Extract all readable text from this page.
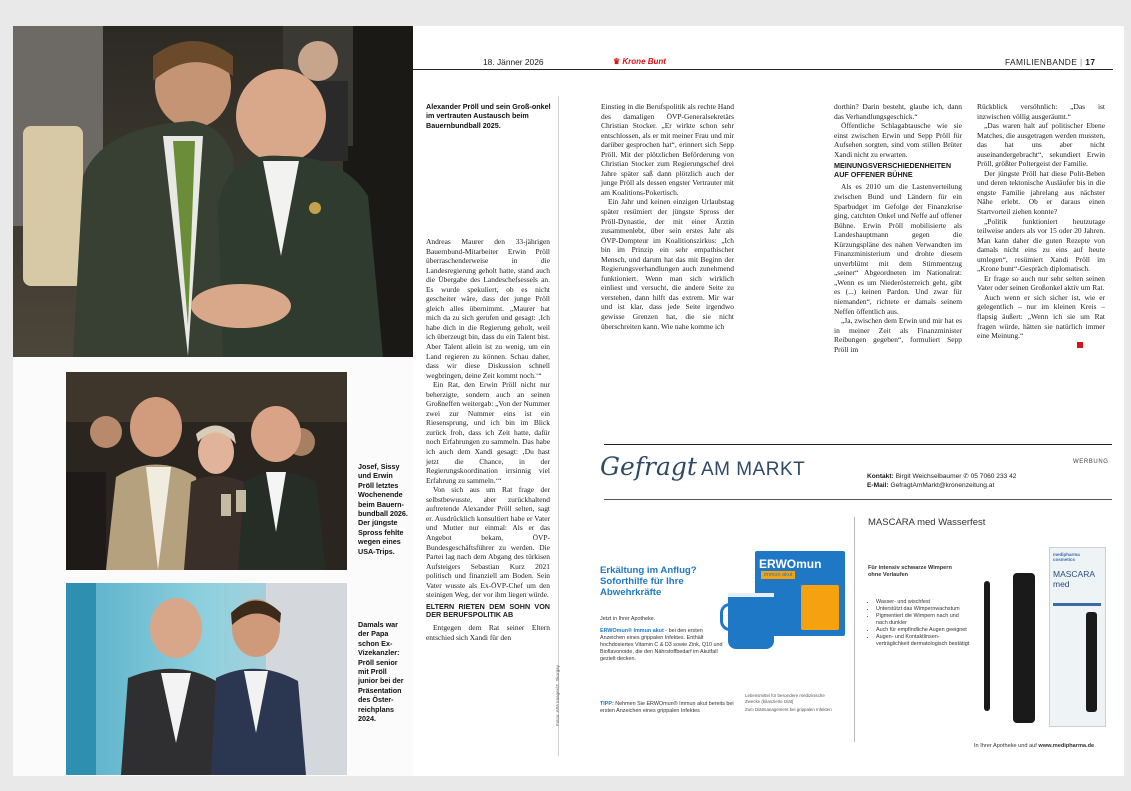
18. Jänner 2026	♛ Krone Bunt	FAMILIENBANDE | 17
Alexander Pröll und sein Groß-onkel im vertrauten Austausch beim Bauernbundball 2025.

Andreas Maurer den 33-jährigen Bauernbund-Mitarbeiter Erwin Pröll überraschenderweise in die Landesregierung geholt hatte, stand auch die Übergabe des Landeschefsessels an. Es wurde spekuliert, ob es nicht gescheiter wäre, dass der junge Pröll gleich alles übernimmt. „Maurer hat mich da zu sich gerufen und gesagt: ‚Ich habe dich in die Regierung geholt, weil ich überzeugt bin, dass du ein Talent bist. Aber Talent allein ist zu wenig, um ein Land regieren zu können. Schau daher, dass wir diese Diskussion schnell wegbringen, deine Zeit kommt noch.‘“

Ein Rat, den Erwin Pröll nicht nur beherzigte, sondern auch an seinen Großneffen weitergab: „Von der Nummer zwei zur Nummer eins ist ein Riesensprung, und ich bin im Blick zurück froh, dass ich Zeit hatte, dafür noch Erfahrungen zu sammeln. Das habe ich auch dem Xandi gesagt: ‚Du hast jetzt die Chance, in der Regierungskoordination irrsinnig viel Erfahrung zu sammeln.‘“

Von sich aus um Rat frage der selbstbewusste, aber zurückhaltend auftretende Alexander Pröll selten, sagt er. Ausdrücklich konsultiert habe er Vater und Mutter nur einmal: Als er das Angebot bekam, ÖVP-Bundesgeschäftsführer zu werden. Die Partei lag nach dem Abgang des türkisen Aufsteigers Sebastian Kurz 2021 politisch und finanziell am Boden. Sein Vater wusste als Ex-ÖVP-Chef um den steinigen Weg, der vor ihm liegen würde.

ELTERN RIETEN DEM SOHN VON DER BERUFSPOLITIK AB

Entgegen dem Rat seiner Eltern entschied sich Xandi für den

Einstieg in die Berufspolitik als rechte Hand des damaligen ÖVP-Generalsekretärs Christian Stocker. „Er wirkte schon sehr entschlossen, als er mit meiner Frau und mir darüber gesprochen hat“, erinnert sich Sepp Pröll. Mit der plötzlichen Beförderung von Christian Stocker zum Regierungschef drei Jahre später saß dann plötzlich auch der junge Pröll als dessen engster Vertrauter mit am Koalitions-Pokertisch.

Ein Jahr und keinen einzigen Urlaubstag später resümiert der jüngste Spross der Pröll-Dynastie, der mit einer Ärztin zusammenlebt, über sein erstes Jahr als ÖVP-Dompteur im Koalitionszirkus: „Ich bin im Prinzip ein sehr empathischer Mensch, und darum hat das mit Beginn der Regierungsverhandlungen auch zunehmend funktioniert. Wenn man sich wirklich einliest und versucht, die andere Seite zu verstehen, dann hilft das extrem. Mir war und ist klar, dass jede Seite irgendwo gewisse Grenzen hat, die sie nicht überschreiten kann. Wie nahe komme ich

dorthin? Darin besteht, glaube ich, dann das Verhandlungsgeschick.“

Öffentliche Schlagabtausche wie sie einst zwischen Erwin und Sepp Pröll für Aufsehen sorgten, sind vom stillen Brüter Xandi nicht zu erwarten.

MEINUNGSVERSCHIEDENHEITEN AUF OFFENER BÜHNE

Als es 2010 um die Lastenverteilung zwischen Bund und Ländern für ein Sparbudget im Gefolge der Finanzkrise ging, catchten Onkel und Neffe auf offener Bühne. Erwin Pröll mobilisierte als Landeshauptmann gegen die Kürzungspläne des nahen Verwandten im Finanzministerium und drohte diesem unverblümt mit dem Stimmentzug „seiner“ Abgeordneten im Nationalrat: „Wenn es um Niederösterreich geht, gibt es (...) keinen Pardon. Und zwar für niemanden“, richtete er damals seinem Neffen öffentlich aus.

„Ja, zwischen dem Erwin und mir hat es in meiner Zeit als Finanzminister Reibungen gegeben“, formuliert Sepp Pröll im

Rückblick versöhnlich: „Das ist inzwischen völlig ausgeräumt.“

„Das waren halt auf politischer Ebene Matches, die ausgetragen werden mussten, das hat uns aber nicht auseinandergebracht“, sekundiert Erwin Pröll, größter Poltergeist der Familie.

Der jüngste Pröll hat diese Polit-Beben und deren tektonische Ausläufer bis in die engste Familie jahrelang aus nächster Nähe erlebt. Ob er daraus einen Startvorteil ziehen konnte?

„Politik funktioniert heutzutage teilweise anders als vor 15 oder 20 Jahren. Man kann daher die guten Rezepte von damals nicht eins zu eins auf heute umlegen“, resümiert Xandi Pröll im „Krone bunt“-Gespräch diplomatisch.

Er frage so auch nur sehr selten seinen Vater oder seinen Großonkel aktiv um Rat.

Auch wenn er sich sicher ist, wie er gelegentlich – nur im kleinen Kreis – flapsig äußert: „Wenn ich sie um Rat fragen würde, hätten sie natürlich immer eine Meinung.“

Josef, Sissy und Erwin Pröll letztes Wochenende beim Bauern-bundball 2026. Der jüngste Spross fehlte wegen eines USA-Trips.
Damals war der Papa schon Ex-Vizekanzler: Pröll senior mit Pröll junior bei der Präsentation des Öster-reichplans 2024.	Fotos: APA Images/Z. Skorgey
WERBUNG
Gefragt AM MARKT	Kontakt: Birgit Weichselbaumer ✆ 05 7060 233 42
E-Mail: GefragtAmMarkt@kronenzeitung.at
Erkältung im Anflug? Soforthilfe für Ihre Abwehrkräfte
Jetzt in Ihrer Apotheke.
ERWOmun® Immun akut - bei den ersten Anzeichen eines grippalen Infektes. Enthält hochdosiertes Vitamin C & D3 sowie Zink, Q10 und Bioflavonoide, die den Nährstoffbedarf im Akutfall gezielt decken.
TIPP: Nehmen Sie ERWOmun® Immun akut bereits bei ersten Anzeichen eines grippalen Infektes
ERWOmun
immun akut
Lebensmittel für besondere medizinische Zwecke (bilanzierte Diät)
Zum Diätmanagement bei grippalen Infekten
MASCARA med Wasserfest
Für intensiv schwarze Wimpern ohne Verlaufen
• Wasser- und wischfest
• Unterstützt das Wimpernwachstum
• Pigmentiert die Wimpern nach und nach dunkler
• Auch für empfindliche Augen geeignet
• Augen- und Kontaktlinsen-verträglichkeit dermatologisch bestätigt
medipharma cosmetics
MASCARA med
In Ihrer Apotheke und auf www.medipharma.de
